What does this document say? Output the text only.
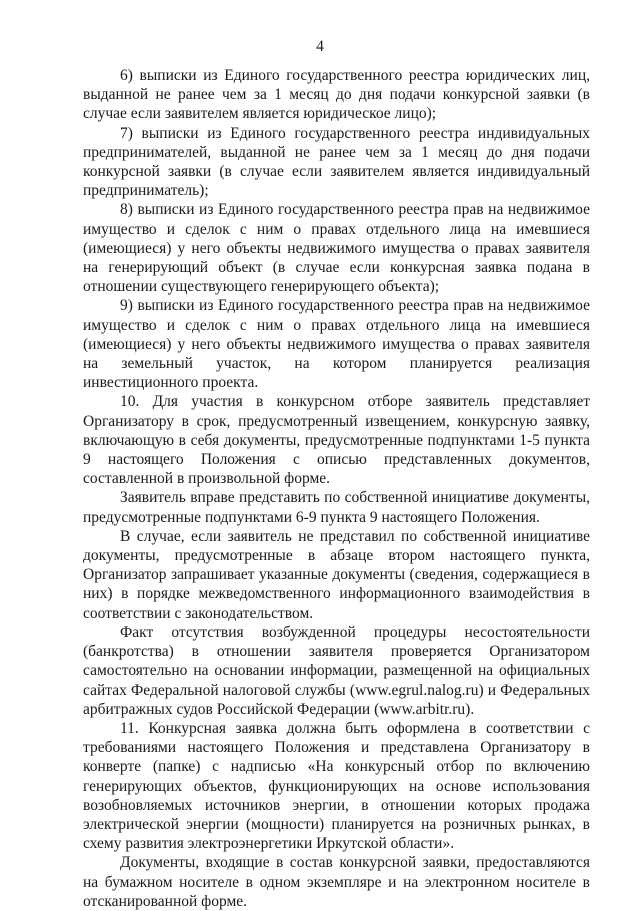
4

6) выписки из Единого государственного реестра юридических лиц, выданной не ранее чем за 1 месяц до дня подачи конкурсной заявки (в случае если заявителем является юридическое лицо);

7) выписки из Единого государственного реестра индивидуальных предпринимателей, выданной не ранее чем за 1 месяц до дня подачи конкурсной заявки (в случае если заявителем является индивидуальный предприниматель);

8) выписки из Единого государственного реестра прав на недвижимое имущество и сделок с ним о правах отдельного лица на имевшиеся (имеющиеся) у него объекты недвижимого имущества о правах заявителя на генерирующий объект (в случае если конкурсная заявка подана в отношении существующего генерирующего объекта);

9) выписки из Единого государственного реестра прав на недвижимое имущество и сделок с ним о правах отдельного лица на имевшиеся (имеющиеся) у него объекты недвижимого имущества о правах заявителя на земельный участок, на котором планируется реализация инвестиционного проекта.

10. Для участия в конкурсном отборе заявитель представляет Организатору в срок, предусмотренный извещением, конкурсную заявку, включающую в себя документы, предусмотренные подпунктами 1-5 пункта 9 настоящего Положения с описью представленных документов, составленной в произвольной форме.

Заявитель вправе представить по собственной инициативе документы, предусмотренные подпунктами 6-9 пункта 9 настоящего Положения.

В случае, если заявитель не представил по собственной инициативе документы, предусмотренные в абзаце втором настоящего пункта, Организатор запрашивает указанные документы (сведения, содержащиеся в них) в порядке межведомственного информационного взаимодействия в соответствии с законодательством.

Факт отсутствия возбужденной процедуры несостоятельности (банкротства) в отношении заявителя проверяется Организатором самостоятельно на основании информации, размещенной на официальных сайтах Федеральной налоговой службы (www.egrul.nalog.ru) и Федеральных арбитражных судов Российской Федерации (www.arbitr.ru).

11. Конкурсная заявка должна быть оформлена в соответствии с требованиями настоящего Положения и представлена Организатору в конверте (папке) с надписью «На конкурсный отбор по включению генерирующих объектов, функционирующих на основе использования возобновляемых источников энергии, в отношении которых продажа электрической энергии (мощности) планируется на розничных рынках, в схему развития электроэнергетики Иркутской области».

Документы, входящие в состав конкурсной заявки, предоставляются на бумажном носителе в одном экземпляре и на электронном носителе в отсканированной форме.
